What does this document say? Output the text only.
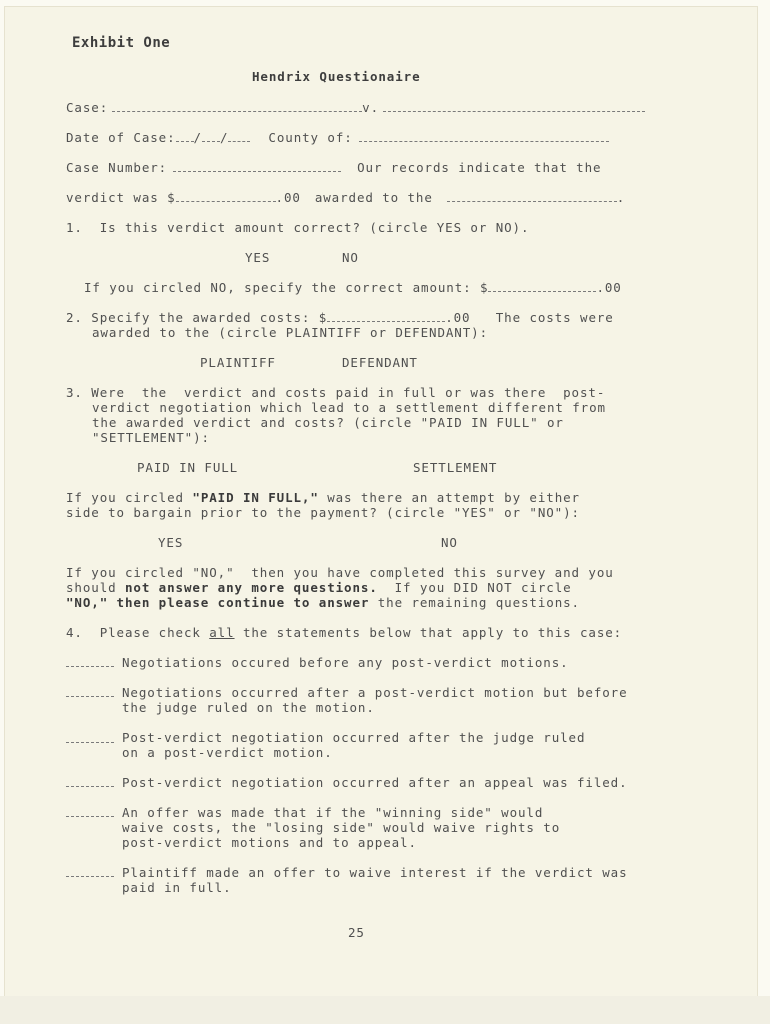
Exhibit One
Hendrix Questionaire
Case:	v.
Date of Case: / /	County of:
Case Number:	Our records indicate that the
verdict was $	.00 awarded to the	.
1.  Is this verdict amount correct? (circle YES or NO).
YES	NO
If you circled NO, specify the correct amount: $	.00
2. Specify the awarded costs: $	.00   The costs were
awarded to the (circle PLAINTIFF or DEFENDANT):
PLAINTIFF	DEFENDANT
3. Were  the  verdict and costs paid in full or was there  post-
verdict negotiation which lead to a settlement different from
the awarded verdict and costs? (circle "PAID IN FULL" or
"SETTLEMENT"):
PAID IN FULL	SETTLEMENT
If you circled "PAID IN FULL," was there an attempt by either
side to bargain prior to the payment? (circle "YES" or "NO"):
YES	NO
If you circled "NO,"  then you have completed this survey and you
should not answer any more questions.  If you DID NOT circle
"NO," then please continue to answer the remaining questions.
4.  Please check all the statements below that apply to this case:
Negotiations occured before any post-verdict motions.
Negotiations occurred after a post-verdict motion but before
the judge ruled on the motion.
Post-verdict negotiation occurred after the judge ruled
on a post-verdict motion.
Post-verdict negotiation occurred after an appeal was filed.
An offer was made that if the "winning side" would
waive costs, the "losing side" would waive rights to
post-verdict motions and to appeal.
Plaintiff made an offer to waive interest if the verdict was
paid in full.
25
